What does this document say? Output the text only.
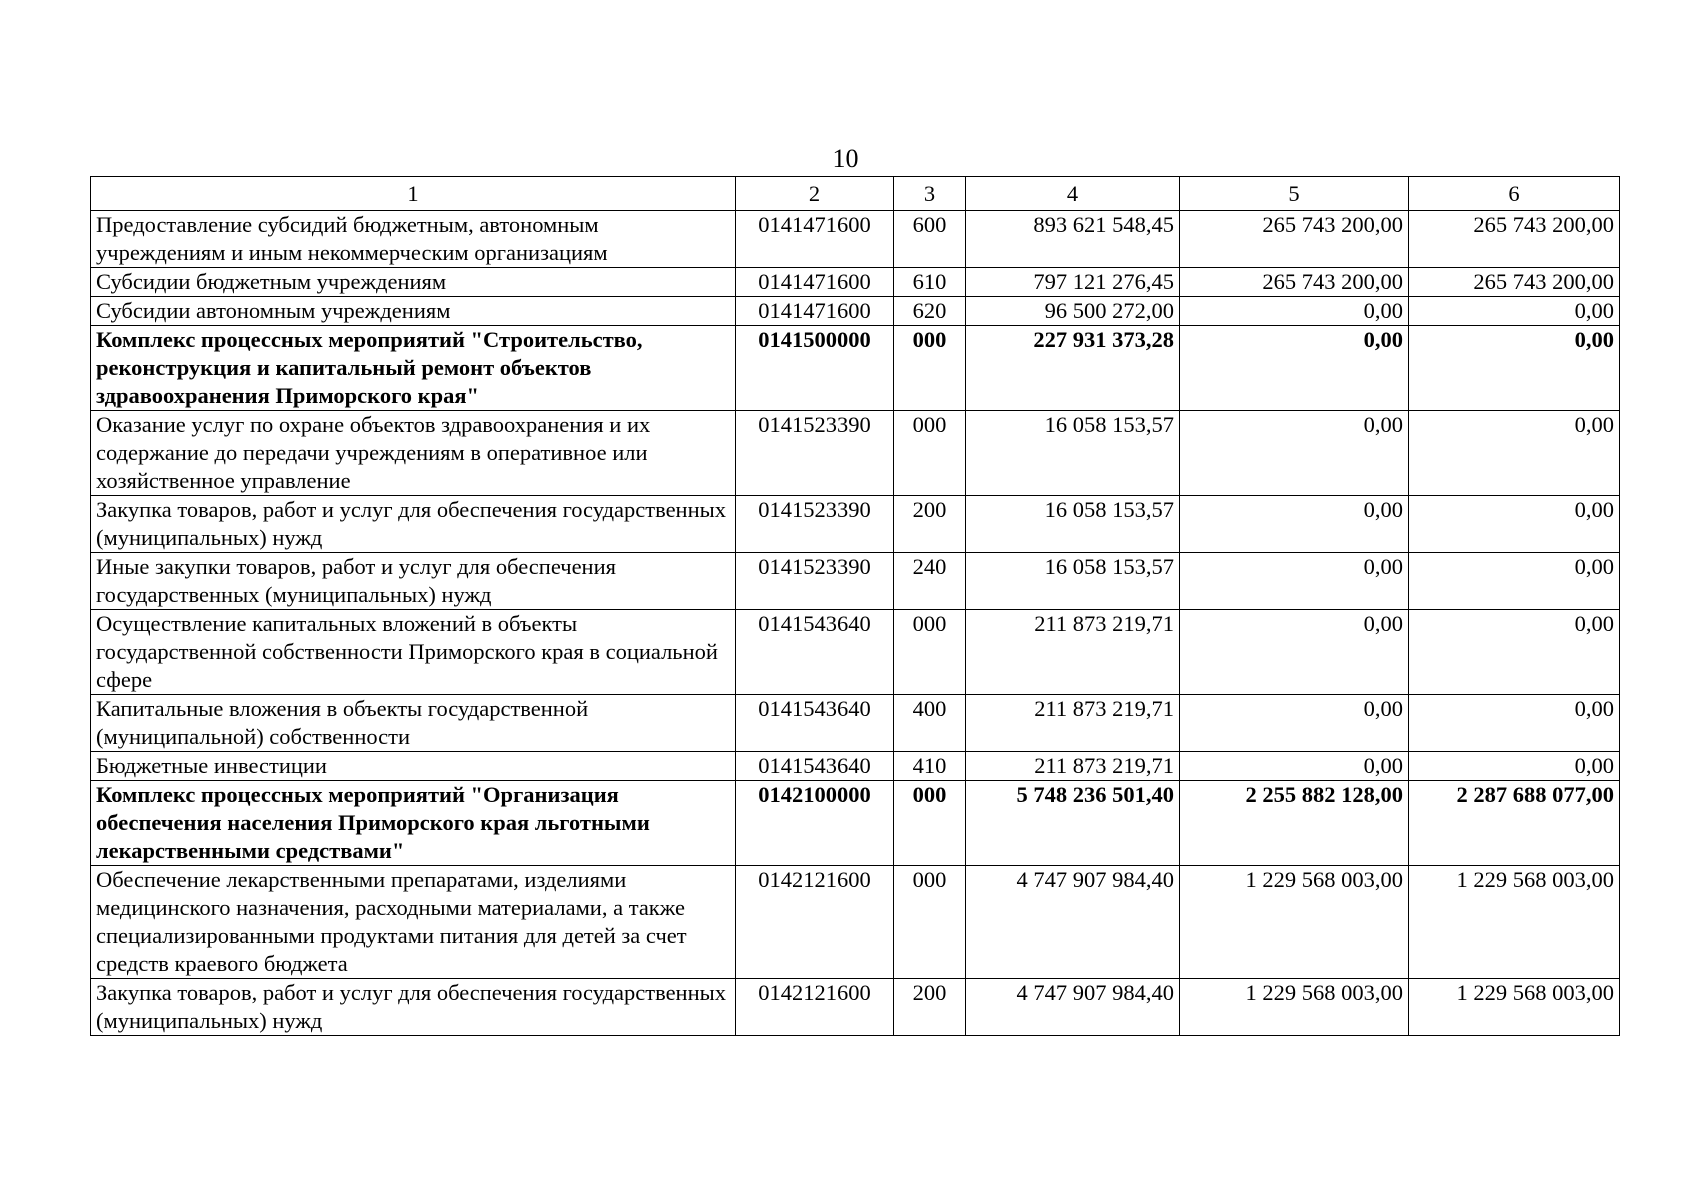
10
1	2	3	4	5	6
Предоставление субсидий бюджетным, автономным учреждениям и иным некоммерческим организациям	0141471600	600	893 621 548,45	265 743 200,00	265 743 200,00
Субсидии бюджетным учреждениям	0141471600	610	797 121 276,45	265 743 200,00	265 743 200,00
Субсидии автономным учреждениям	0141471600	620	96 500 272,00	0,00	0,00
Комплекс процессных мероприятий "Строительство, реконструкция и капитальный ремонт объектов здравоохранения Приморского края"	0141500000	000	227 931 373,28	0,00	0,00
Оказание услуг по охране объектов здравоохранения и их содержание до передачи учреждениям в оперативное или хозяйственное управление	0141523390	000	16 058 153,57	0,00	0,00
Закупка товаров, работ и услуг для обеспечения государственных (муниципальных) нужд	0141523390	200	16 058 153,57	0,00	0,00
Иные закупки товаров, работ и услуг для обеспечения государственных (муниципальных) нужд	0141523390	240	16 058 153,57	0,00	0,00
Осуществление капитальных вложений в объекты государственной собственности Приморского края в социальной сфере	0141543640	000	211 873 219,71	0,00	0,00
Капитальные вложения в объекты государственной (муниципальной) собственности	0141543640	400	211 873 219,71	0,00	0,00
Бюджетные инвестиции	0141543640	410	211 873 219,71	0,00	0,00
Комплекс процессных мероприятий "Организация обеспечения населения Приморского края льготными лекарственными средствами"	0142100000	000	5 748 236 501,40	2 255 882 128,00	2 287 688 077,00
Обеспечение лекарственными препаратами, изделиями медицинского назначения, расходными материалами, а также специализированными продуктами питания для детей за счет средств краевого бюджета	0142121600	000	4 747 907 984,40	1 229 568 003,00	1 229 568 003,00
Закупка товаров, работ и услуг для обеспечения государственных (муниципальных) нужд	0142121600	200	4 747 907 984,40	1 229 568 003,00	1 229 568 003,00
